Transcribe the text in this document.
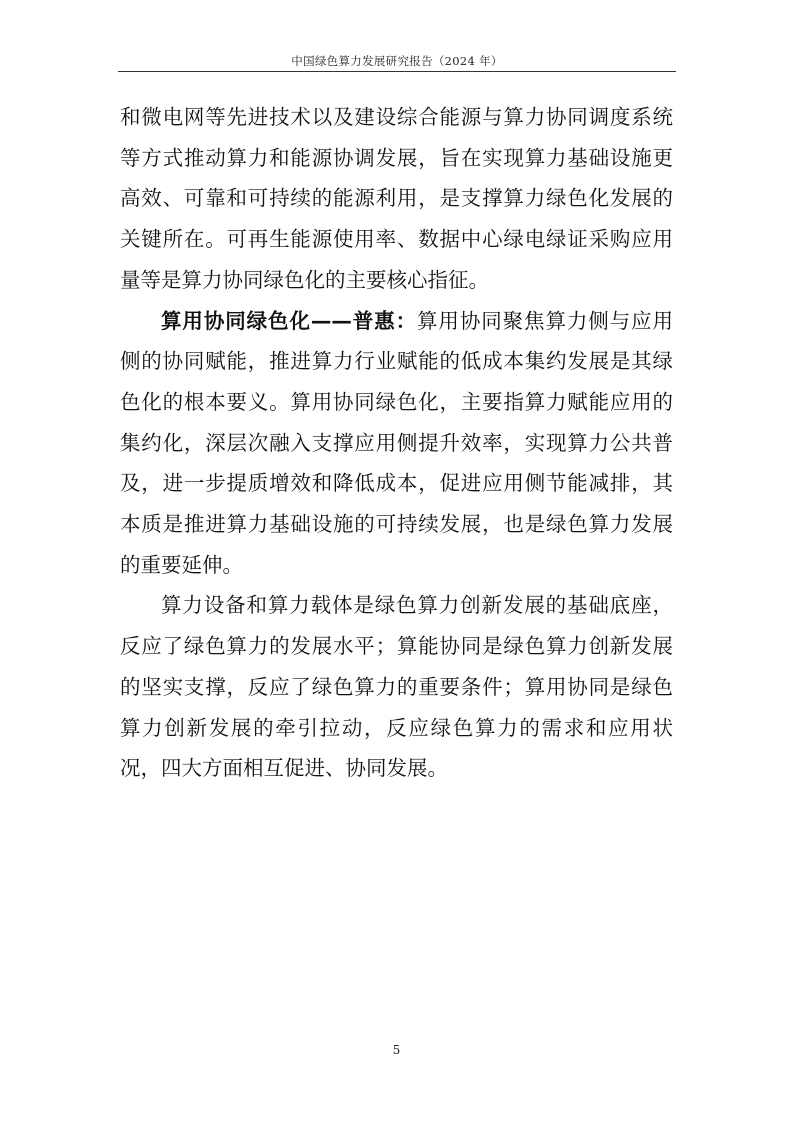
中国绿色算力发展研究报告（2024 年）

和微电网等先进技术以及建设综合能源与算力协同调度系统等方式推动算力和能源协调发展，旨在实现算力基础设施更高效、可靠和可持续的能源利用，是支撑算力绿色化发展的关键所在。可再生能源使用率、数据中心绿电绿证采购应用量等是算力协同绿色化的主要核心指征。

算用协同绿色化——普惠：算用协同聚焦算力侧与应用侧的协同赋能，推进算力行业赋能的低成本集约发展是其绿色化的根本要义。算用协同绿色化，主要指算力赋能应用的集约化，深层次融入支撑应用侧提升效率，实现算力公共普及，进一步提质增效和降低成本，促进应用侧节能减排，其本质是推进算力基础设施的可持续发展，也是绿色算力发展的重要延伸。

算力设备和算力载体是绿色算力创新发展的基础底座，反应了绿色算力的发展水平；算能协同是绿色算力创新发展的坚实支撑，反应了绿色算力的重要条件；算用协同是绿色算力创新发展的牵引拉动，反应绿色算力的需求和应用状况，四大方面相互促进、协同发展。

5
